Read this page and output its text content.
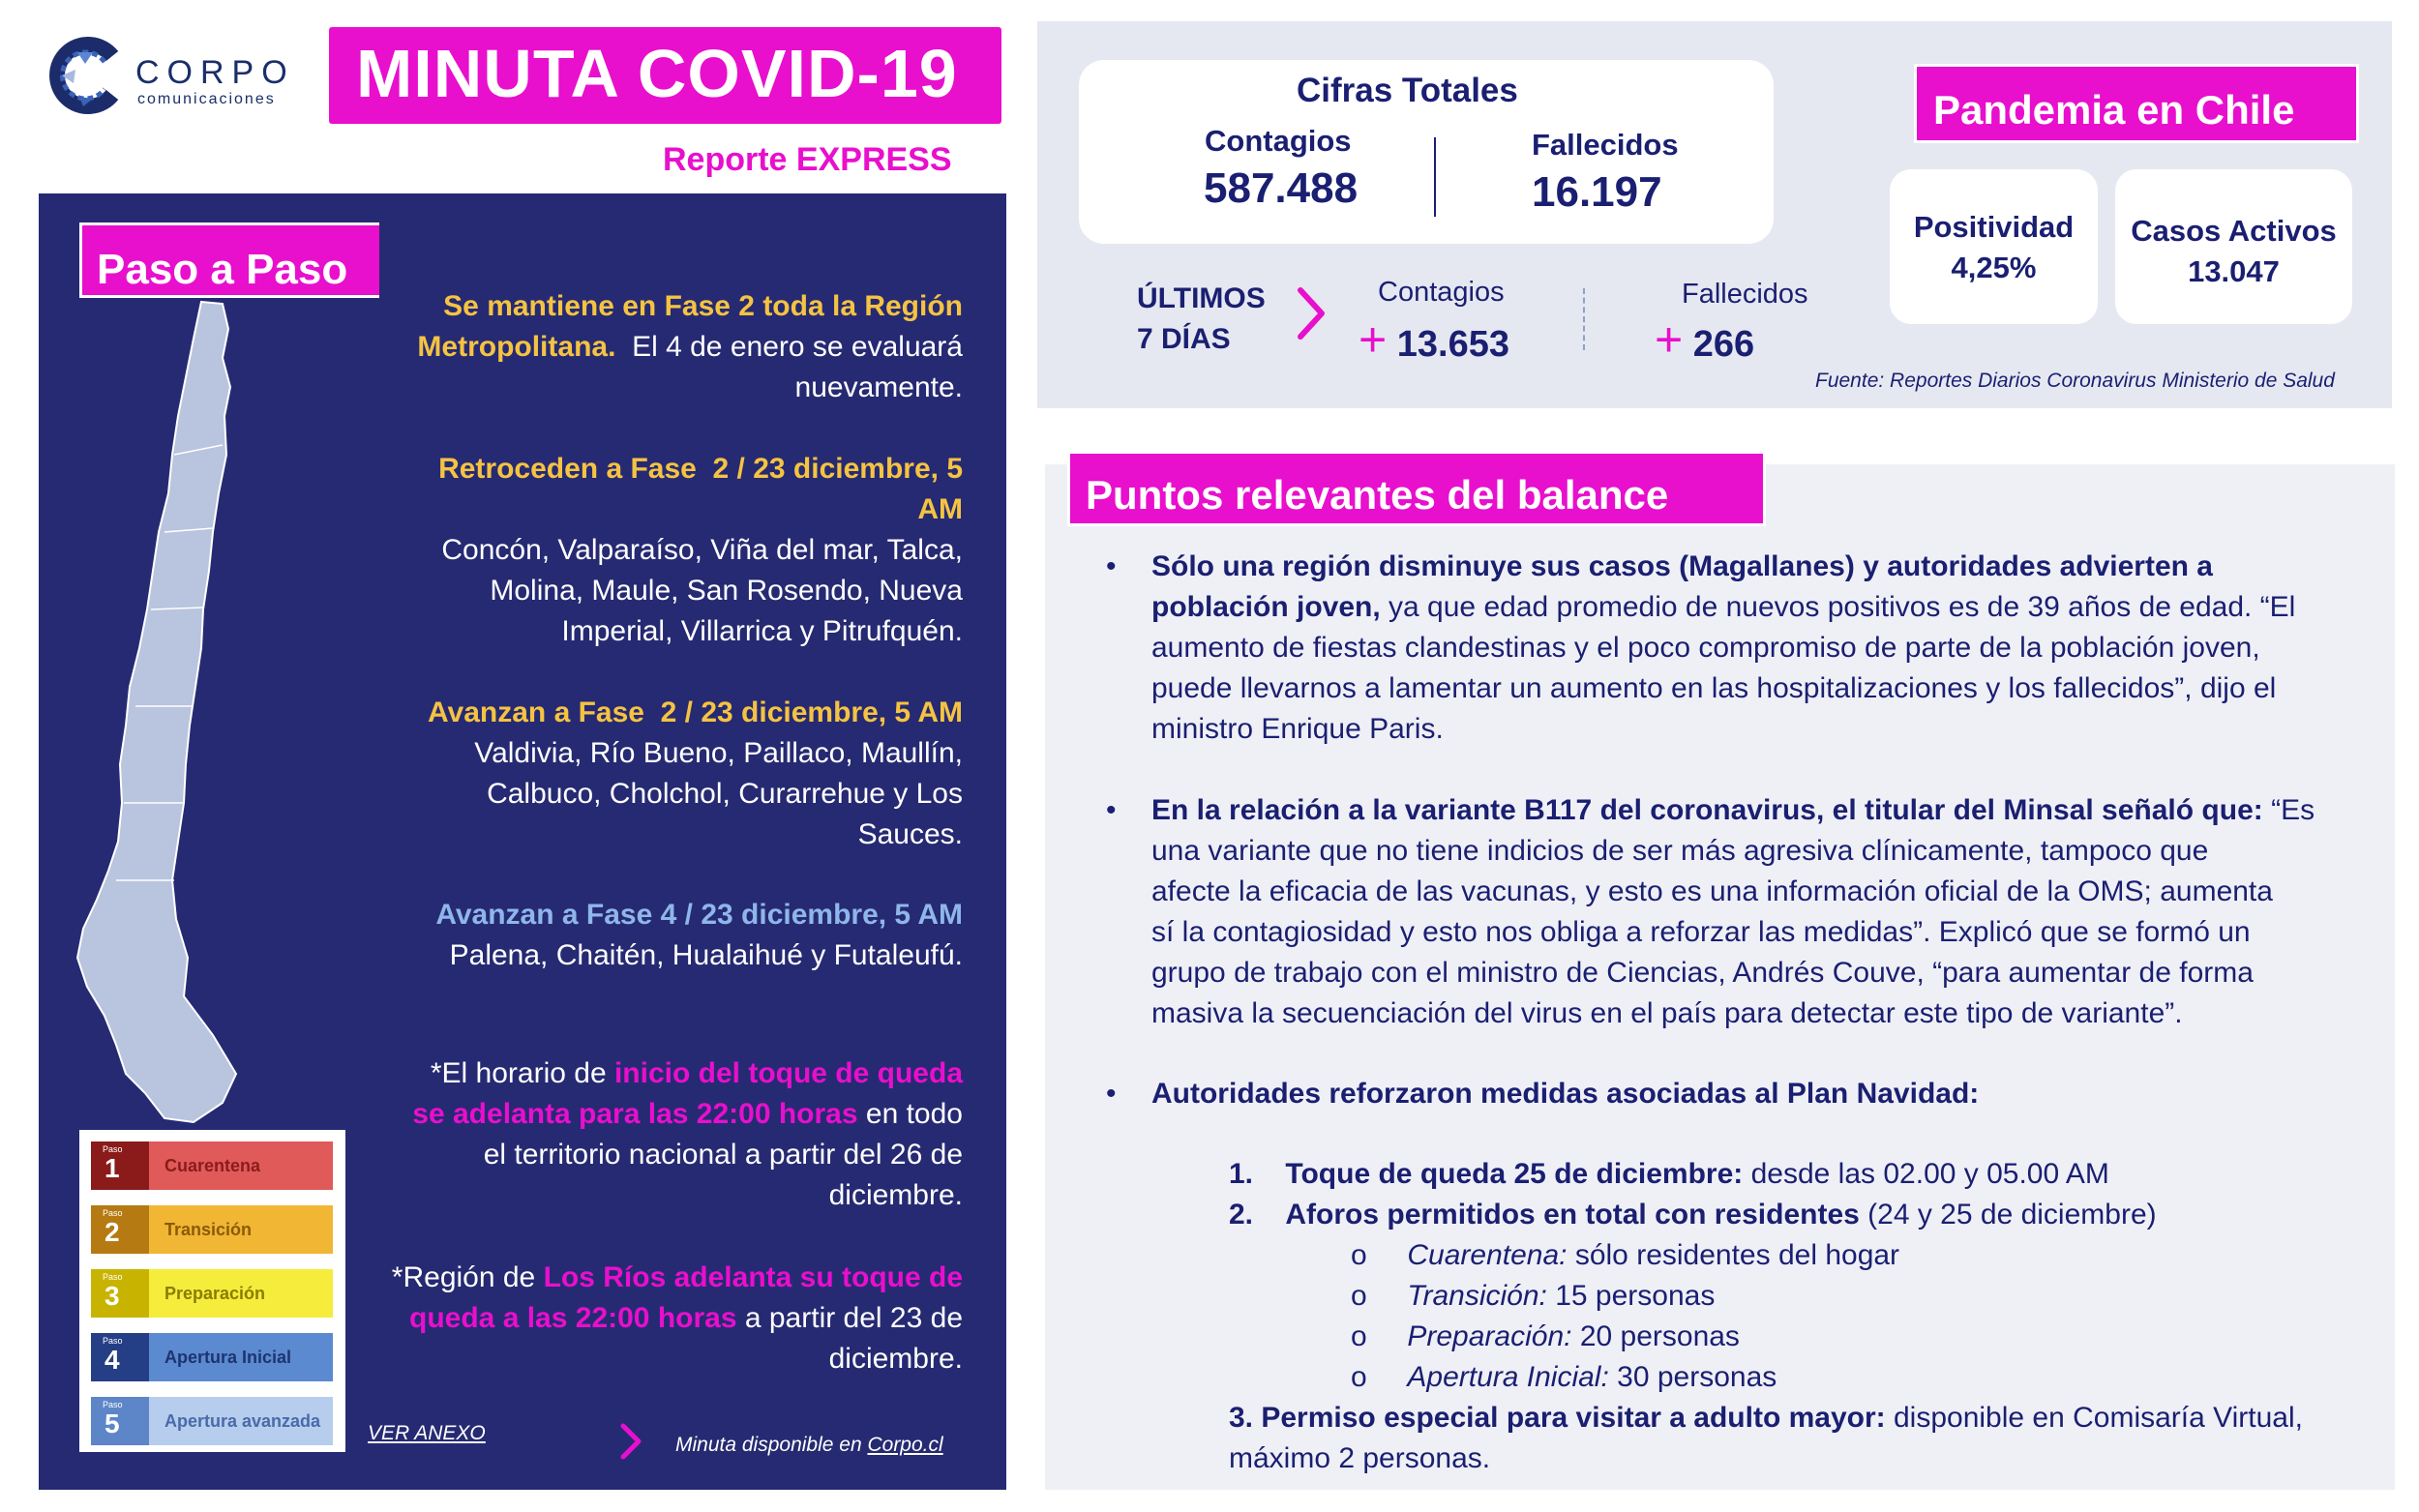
CORPO
comunicaciones MINUTA COVID-19
Reporte EXPRESS
Paso a Paso
Se mantiene en Fase 2 toda la Región
Metropolitana.  El 4 de enero se evaluará
nuevamente.
Retroceden a Fase  2 / 23 diciembre, 5
AM
Concón, Valparaíso, Viña del mar, Talca,
Molina, Maule, San Rosendo, Nueva
Imperial, Villarrica y Pitrufquén.
Avanzan a Fase  2 / 23 diciembre, 5 AM
Valdivia, Río Bueno, Paillaco, Maullín,
Calbuco, Cholchol, Curarrehue y Los
Sauces.
Avanzan a Fase 4 / 23 diciembre, 5 AM
Palena, Chaitén, Hualaihué y Futaleufú.
*El horario de inicio del toque de queda
se adelanta para las 22:00 horas en todo
el territorio nacional a partir del 26 de
diciembre.
*Región de Los Ríos adelanta su toque de
queda a las 22:00 horas a partir del 23 de
diciembre.
Paso
1	Cuarentena
Paso
2	Transición
Paso
3	Preparación
Paso
4	Apertura Inicial
Paso
5	Apertura avanzada
VER ANEXO
Minuta disponible en Corpo.cl
Cifras Totales
Contagios
587.488
Fallecidos
16.197
ÚLTIMOS
7 DÍAS
Contagios
+ 13.653
Fallecidos
+ 266
Fuente: Reportes Diarios Coronavirus Ministerio de Salud
Pandemia en Chile
Positividad
4,25%
Casos Activos
13.047
Puntos relevantes del balance
• Sólo una región disminuye sus casos (Magallanes) y autoridades advierten a
población joven, ya que edad promedio de nuevos positivos es de 39 años de edad. “El
aumento de fiestas clandestinas y el poco compromiso de parte de la población joven,
puede llevarnos a lamentar un aumento en las hospitalizaciones y los fallecidos”, dijo el
ministro Enrique Paris.
• En la relación a la variante B117 del coronavirus, el titular del Minsal señaló que: “Es
una variante que no tiene indicios de ser más agresiva clínicamente, tampoco que
afecte la eficacia de las vacunas, y esto es una información oficial de la OMS; aumenta
sí la contagiosidad y esto nos obliga a reforzar las medidas”. Explicó que se formó un
grupo de trabajo con el ministro de Ciencias, Andrés Couve, “para aumentar de forma
masiva la secuenciación del virus en el país para detectar este tipo de variante”.
• Autoridades reforzaron medidas asociadas al Plan Navidad:
1. Toque de queda 25 de diciembre: desde las 02.00 y 05.00 AM
2. Aforos permitidos en total con residentes (24 y 25 de diciembre)
o Cuarentena: sólo residentes del hogar
o Transición: 15 personas
o Preparación: 20 personas
o Apertura Inicial: 30 personas
3. Permiso especial para visitar a adulto mayor: disponible en Comisaría Virtual,
máximo 2 personas.
